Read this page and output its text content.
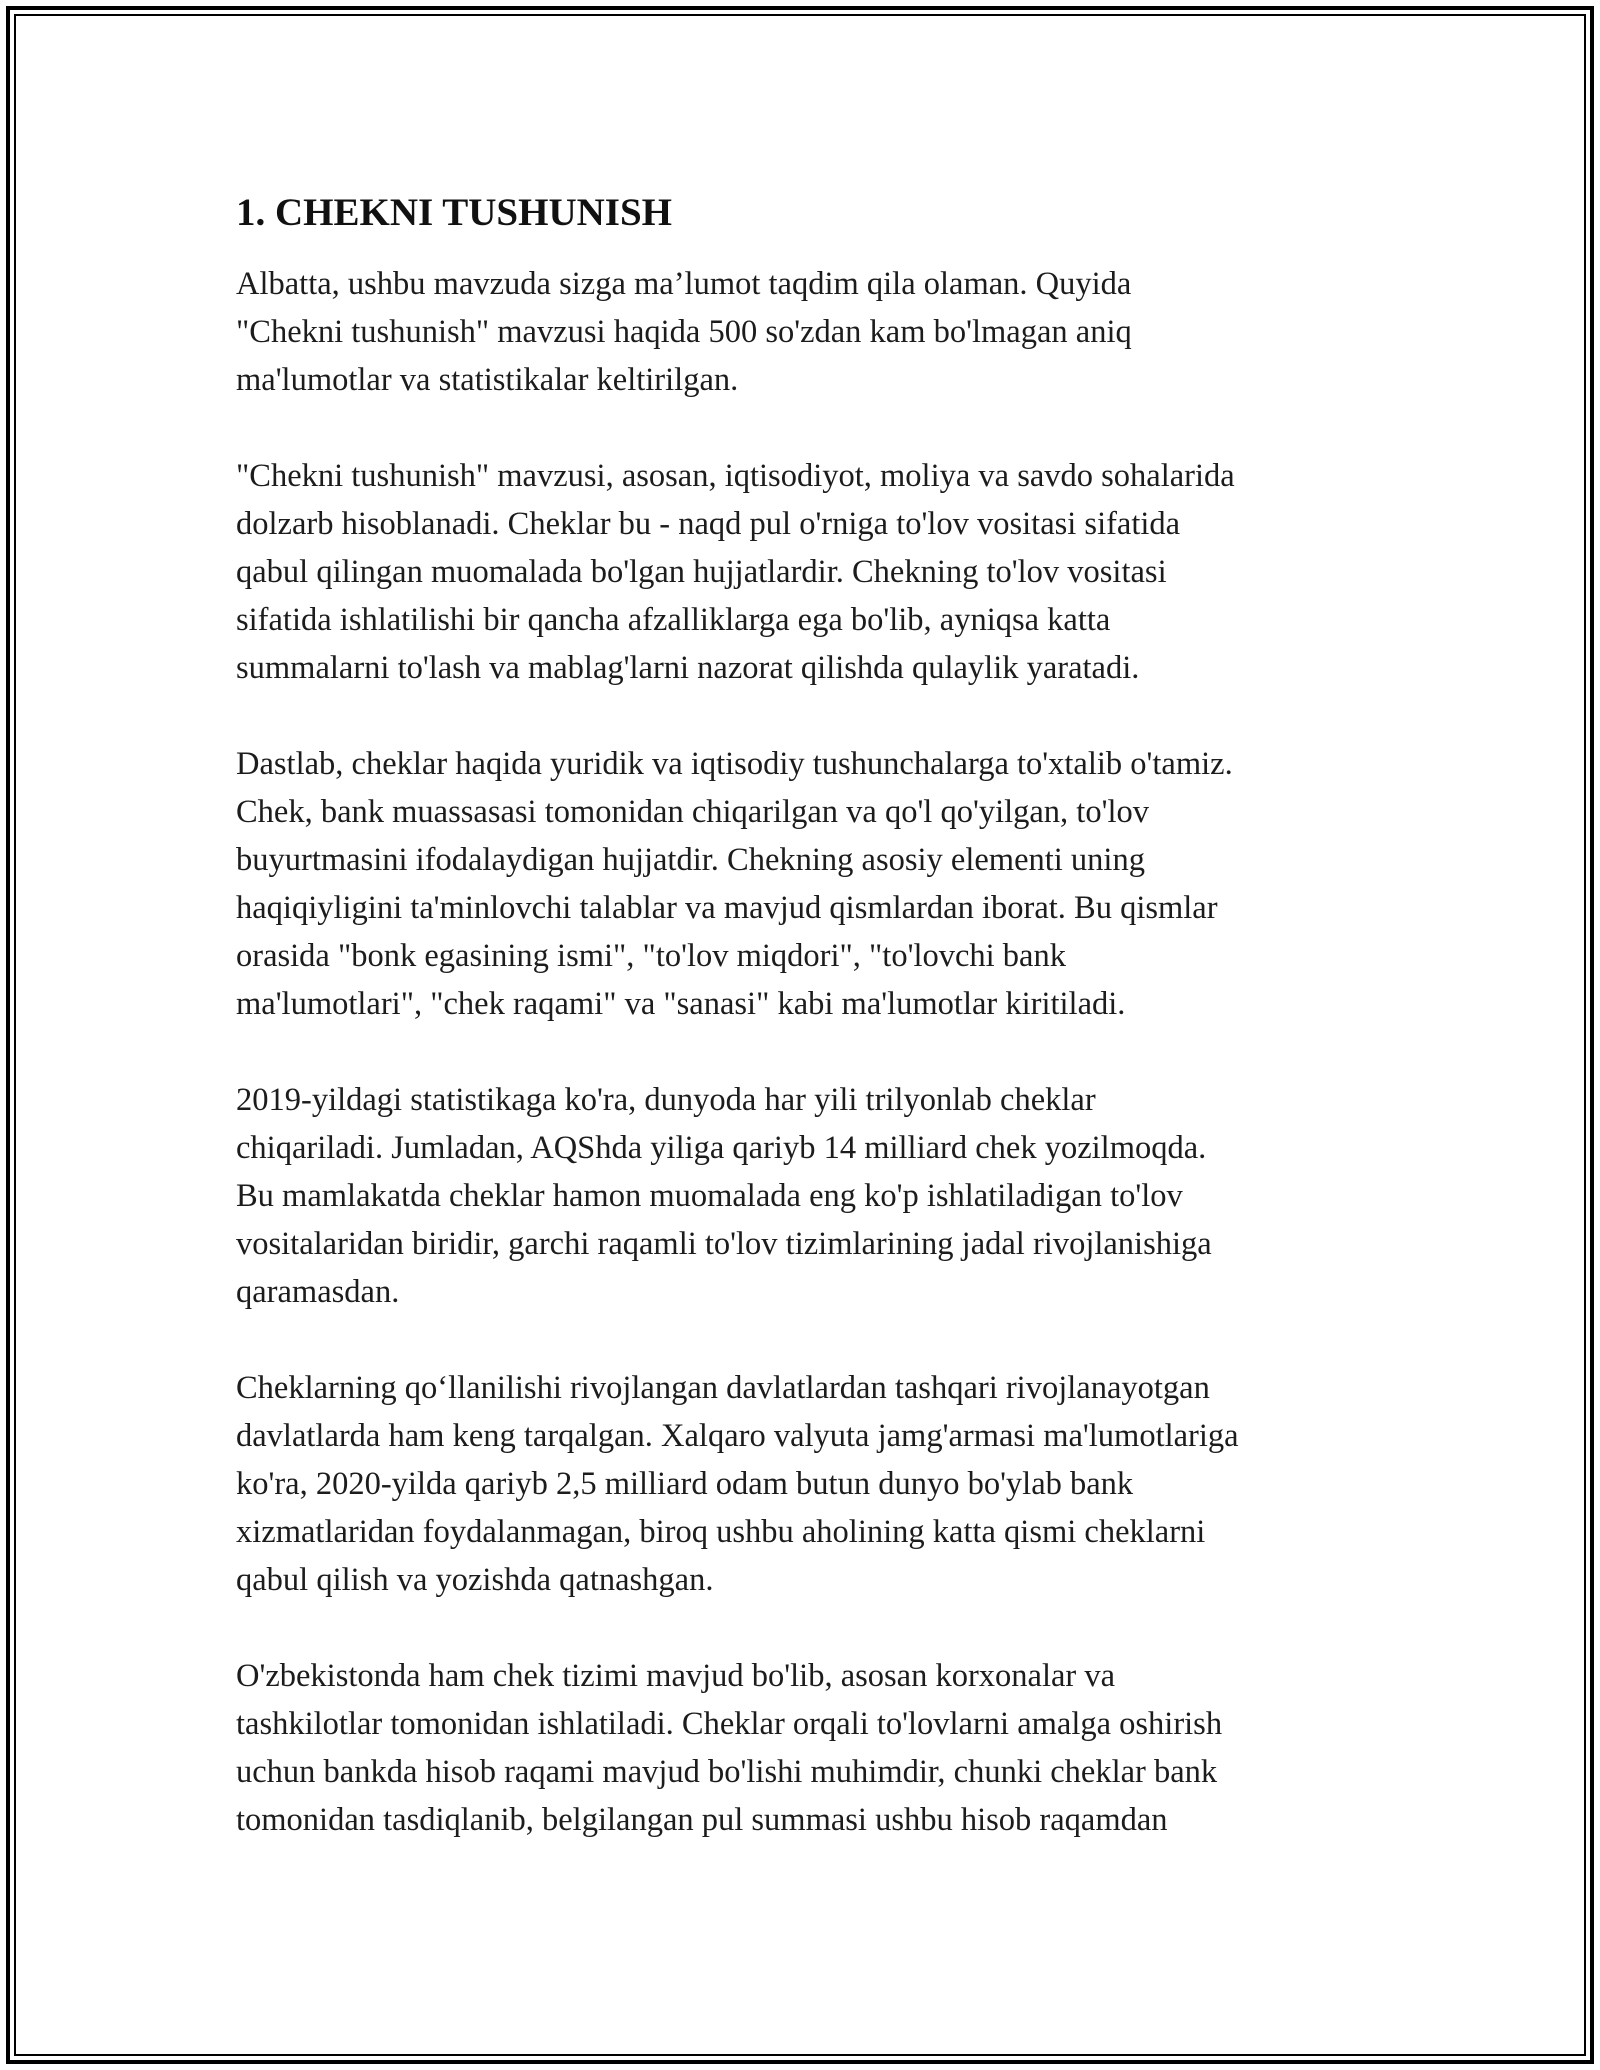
1. CHEKNI TUSHUNISH

Albatta, ushbu mavzuda sizga ma’lumot taqdim qila olaman. Quyida
"Chekni tushunish" mavzusi haqida 500 so'zdan kam bo'lmagan aniq
ma'lumotlar va statistikalar keltirilgan.

"Chekni tushunish" mavzusi, asosan, iqtisodiyot, moliya va savdo sohalarida
dolzarb hisoblanadi. Cheklar bu - naqd pul o'rniga to'lov vositasi sifatida
qabul qilingan muomalada bo'lgan hujjatlardir. Chekning to'lov vositasi
sifatida ishlatilishi bir qancha afzalliklarga ega bo'lib, ayniqsa katta
summalarni to'lash va mablag'larni nazorat qilishda qulaylik yaratadi.

Dastlab, cheklar haqida yuridik va iqtisodiy tushunchalarga to'xtalib o'tamiz.
Chek, bank muassasasi tomonidan chiqarilgan va qo'l qo'yilgan, to'lov
buyurtmasini ifodalaydigan hujjatdir. Chekning asosiy elementi uning
haqiqiyligini ta'minlovchi talablar va mavjud qismlardan iborat. Bu qismlar
orasida "bonk egasining ismi", "to'lov miqdori", "to'lovchi bank
ma'lumotlari", "chek raqami" va "sanasi" kabi ma'lumotlar kiritiladi.

2019-yildagi statistikaga ko'ra, dunyoda har yili trilyonlab cheklar
chiqariladi. Jumladan, AQShda yiliga qariyb 14 milliard chek yozilmoqda.
Bu mamlakatda cheklar hamon muomalada eng ko'p ishlatiladigan to'lov
vositalaridan biridir, garchi raqamli to'lov tizimlarining jadal rivojlanishiga
qaramasdan.

Cheklarning qo‘llanilishi rivojlangan davlatlardan tashqari rivojlanayotgan
davlatlarda ham keng tarqalgan. Xalqaro valyuta jamg'armasi ma'lumotlariga
ko'ra, 2020-yilda qariyb 2,5 milliard odam butun dunyo bo'ylab bank
xizmatlaridan foydalanmagan, biroq ushbu aholining katta qismi cheklarni
qabul qilish va yozishda qatnashgan.

O'zbekistonda ham chek tizimi mavjud bo'lib, asosan korxonalar va
tashkilotlar tomonidan ishlatiladi. Cheklar orqali to'lovlarni amalga oshirish
uchun bankda hisob raqami mavjud bo'lishi muhimdir, chunki cheklar bank
tomonidan tasdiqlanib, belgilangan pul summasi ushbu hisob raqamdan
